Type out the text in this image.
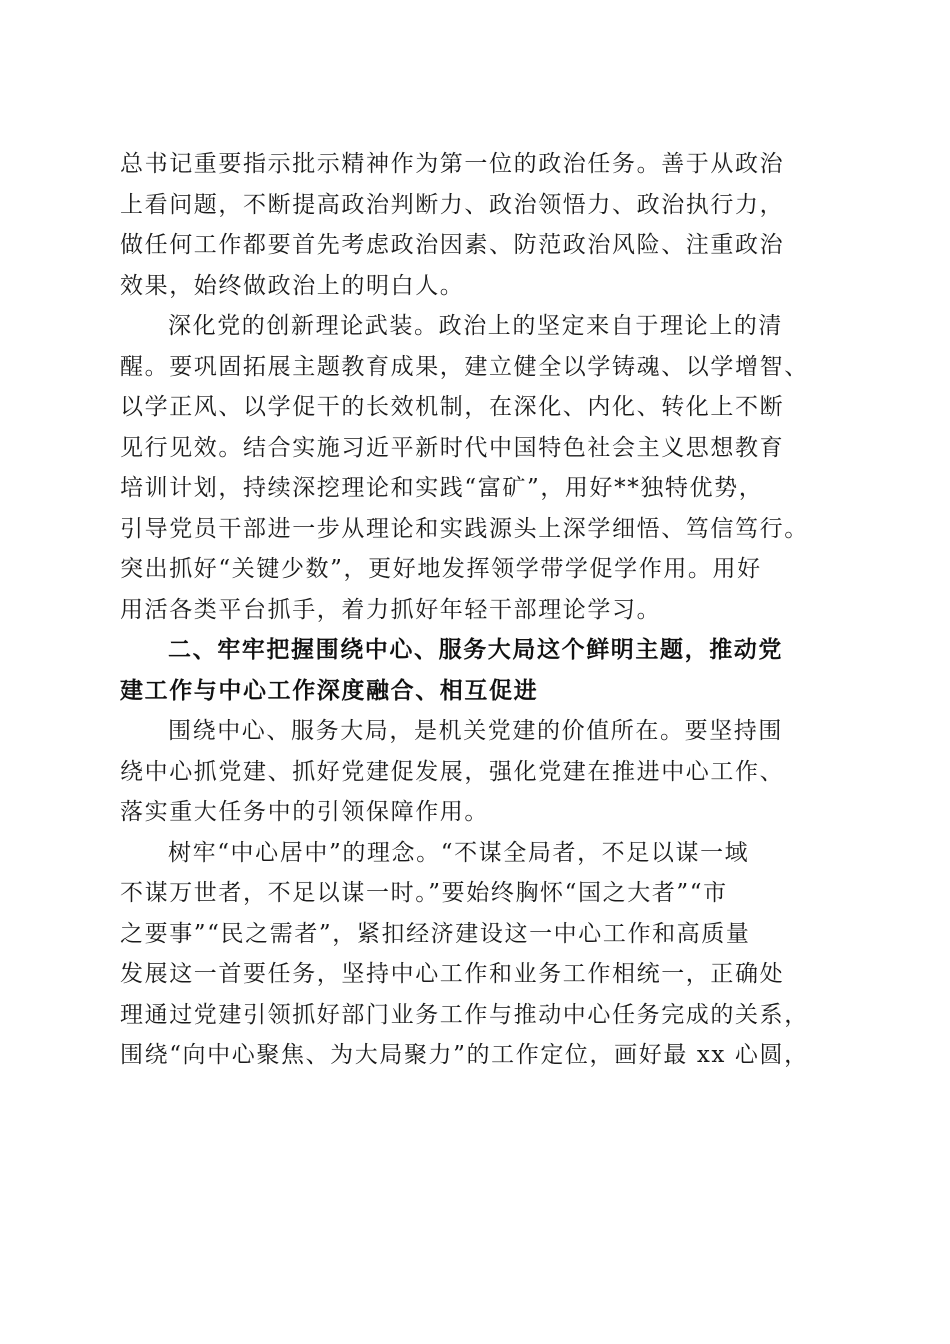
总书记重要指示批示精神作为第一位的政治任务。善于从政治
上看问题，不断提高政治判断力、政治领悟力、政治执行力，
做任何工作都要首先考虑政治因素、防范政治风险、注重政治
效果，始终做政治上的明白人。
深化党的创新理论武装。政治上的坚定来自于理论上的清
醒。要巩固拓展主题教育成果，建立健全以学铸魂、以学增智、
以学正风、以学促干的长效机制，在深化、内化、转化上不断
见行见效。结合实施习近平新时代中国特色社会主义思想教育
培训计划，持续深挖理论和实践“富矿”，用好**独特优势，
引导党员干部进一步从理论和实践源头上深学细悟、笃信笃行。
突出抓好“关键少数”，更好地发挥领学带学促学作用。用好
用活各类平台抓手，着力抓好年轻干部理论学习。
二、牢牢把握围绕中心、服务大局这个鲜明主题，推动党
建工作与中心工作深度融合、相互促进
围绕中心、服务大局，是机关党建的价值所在。要坚持围
绕中心抓党建、抓好党建促发展，强化党建在推进中心工作、
落实重大任务中的引领保障作用。
树牢“中心居中”的理念。“不谋全局者，不足以谋一域
不谋万世者，不足以谋一时。”要始终胸怀“国之大者”“市
之要事”“民之需者”，紧扣经济建设这一中心工作和高质量
发展这一首要任务，坚持中心工作和业务工作相统一，正确处
理通过党建引领抓好部门业务工作与推动中心任务完成的关系，
围绕“向中心聚焦、为大局聚力”的工作定位，画好最 xx 心圆，
